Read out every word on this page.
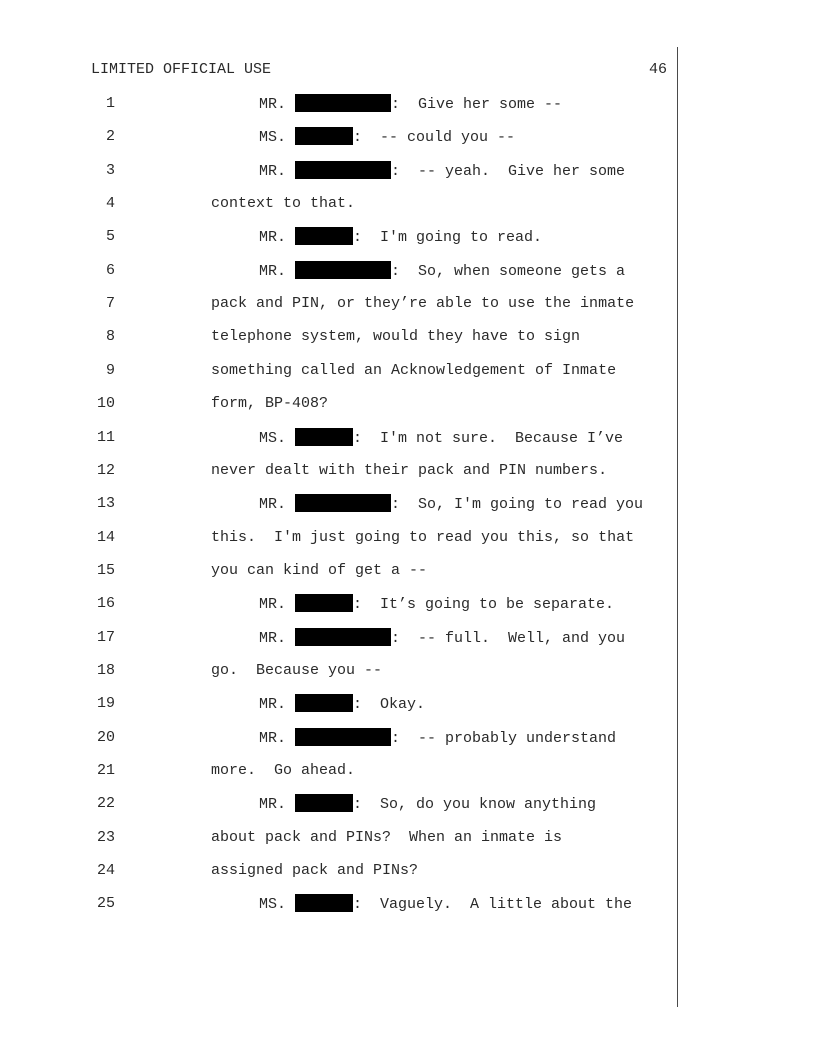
LIMITED OFFICIAL USE	46
1	MR.	:  Give her some --
2	MS.	:  -- could you --
3	MR.	:  -- yeah.  Give her some
4	context to that.
5	MR.	:  I'm going to read.
6	MR.	:  So, when someone gets a
7	pack and PIN, or they’re able to use the inmate
8	telephone system, would they have to sign
9	something called an Acknowledgement of Inmate
10	form, BP-408?
11	MS.	:  I'm not sure.  Because I’ve
12	never dealt with their pack and PIN numbers.
13	MR.	:  So, I'm going to read you
14	this.  I'm just going to read you this, so that
15	you can kind of get a --
16	MR.	:  It’s going to be separate.
17	MR.	:  -- full.  Well, and you
18	go.  Because you --
19	MR.	:  Okay.
20	MR.	:  -- probably understand
21	more.  Go ahead.
22	MR.	:  So, do you know anything
23	about pack and PINs?  When an inmate is
24	assigned pack and PINs?
25	MS.	:  Vaguely.  A little about the
